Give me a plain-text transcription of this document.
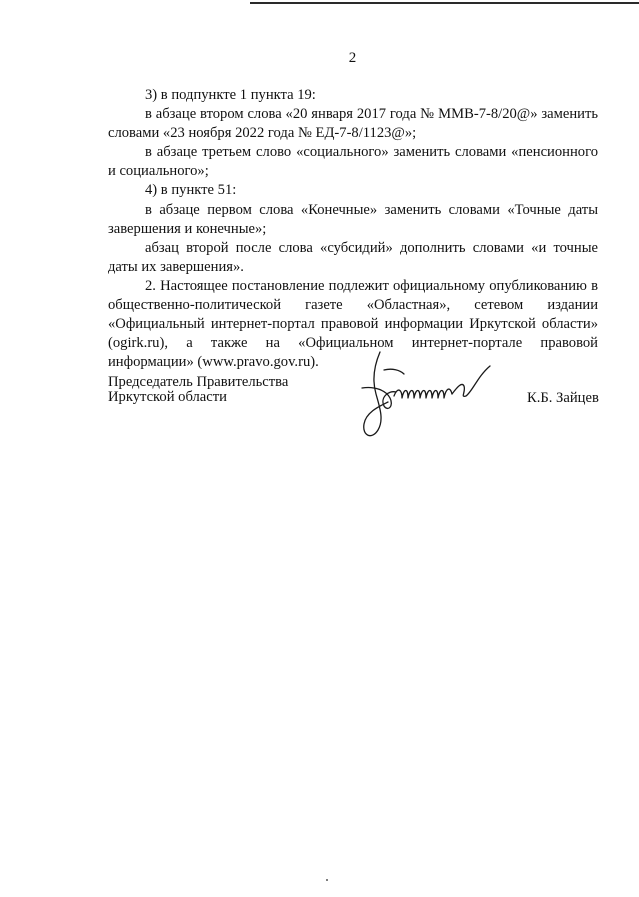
2

3) в подпункте 1 пункта 19:

в абзаце втором слова «20 января 2017 года № ММВ-7-8/20@» заменить словами «23 ноября 2022 года № ЕД-7-8/1123@»;

в абзаце третьем слово «социального» заменить словами «пенсионного и социального»;

4) в пункте 51:

в абзаце первом слова «Конечные» заменить словами «Точные даты завершения и конечные»;

абзац второй после слова «субсидий» дополнить словами «и точные даты их завершения».

2. Настоящее постановление подлежит официальному опубликованию в общественно-политической газете «Областная», сетевом издании «Официальный интернет-портал правовой информации Иркутской области» (ogirk.ru), а также на «Официальном интернет-портале правовой информации» (www.pravo.gov.ru).

Председатель Правительства
Иркутской области	К.Б. Зайцев
